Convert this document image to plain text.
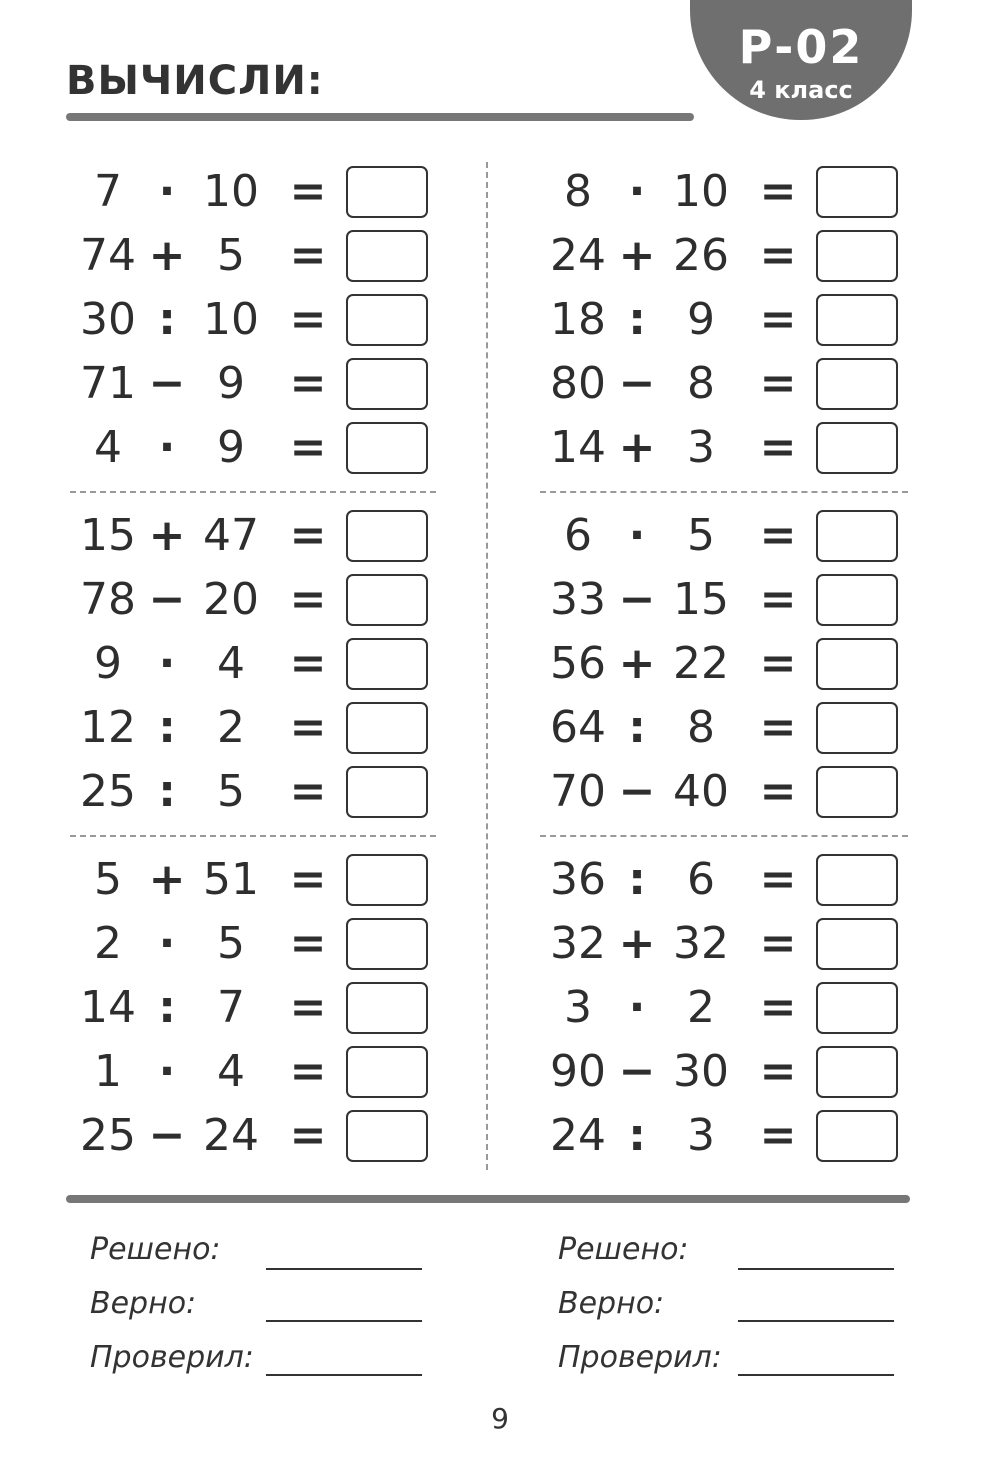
ВЫЧИСЛИ:
Р-02
4 класс
7 · 10 =
74 + 5	=
30 : 10 =
71 − 9	=
4 · 9	=
15 + 47 =
78 − 20 =
9 · 4	=
12 : 2	=
25 : 5	=
5 + 51 =
2 · 5	=
14 : 7	=
1 · 4	=
25 − 24 =
8 · 10 =
24 + 26 =
18 : 9	=
80 − 8	=
14 + 3	=
6 · 5	=
33 − 15 =
56 + 22 =
64 : 8	=
70 − 40 =
36 : 6	=
32 + 32 =
3 · 2	=
90 − 30 =
24 : 3	=
Решено:
Верно:
Проверил:
Решено:
Верно:
Проверил:
9
